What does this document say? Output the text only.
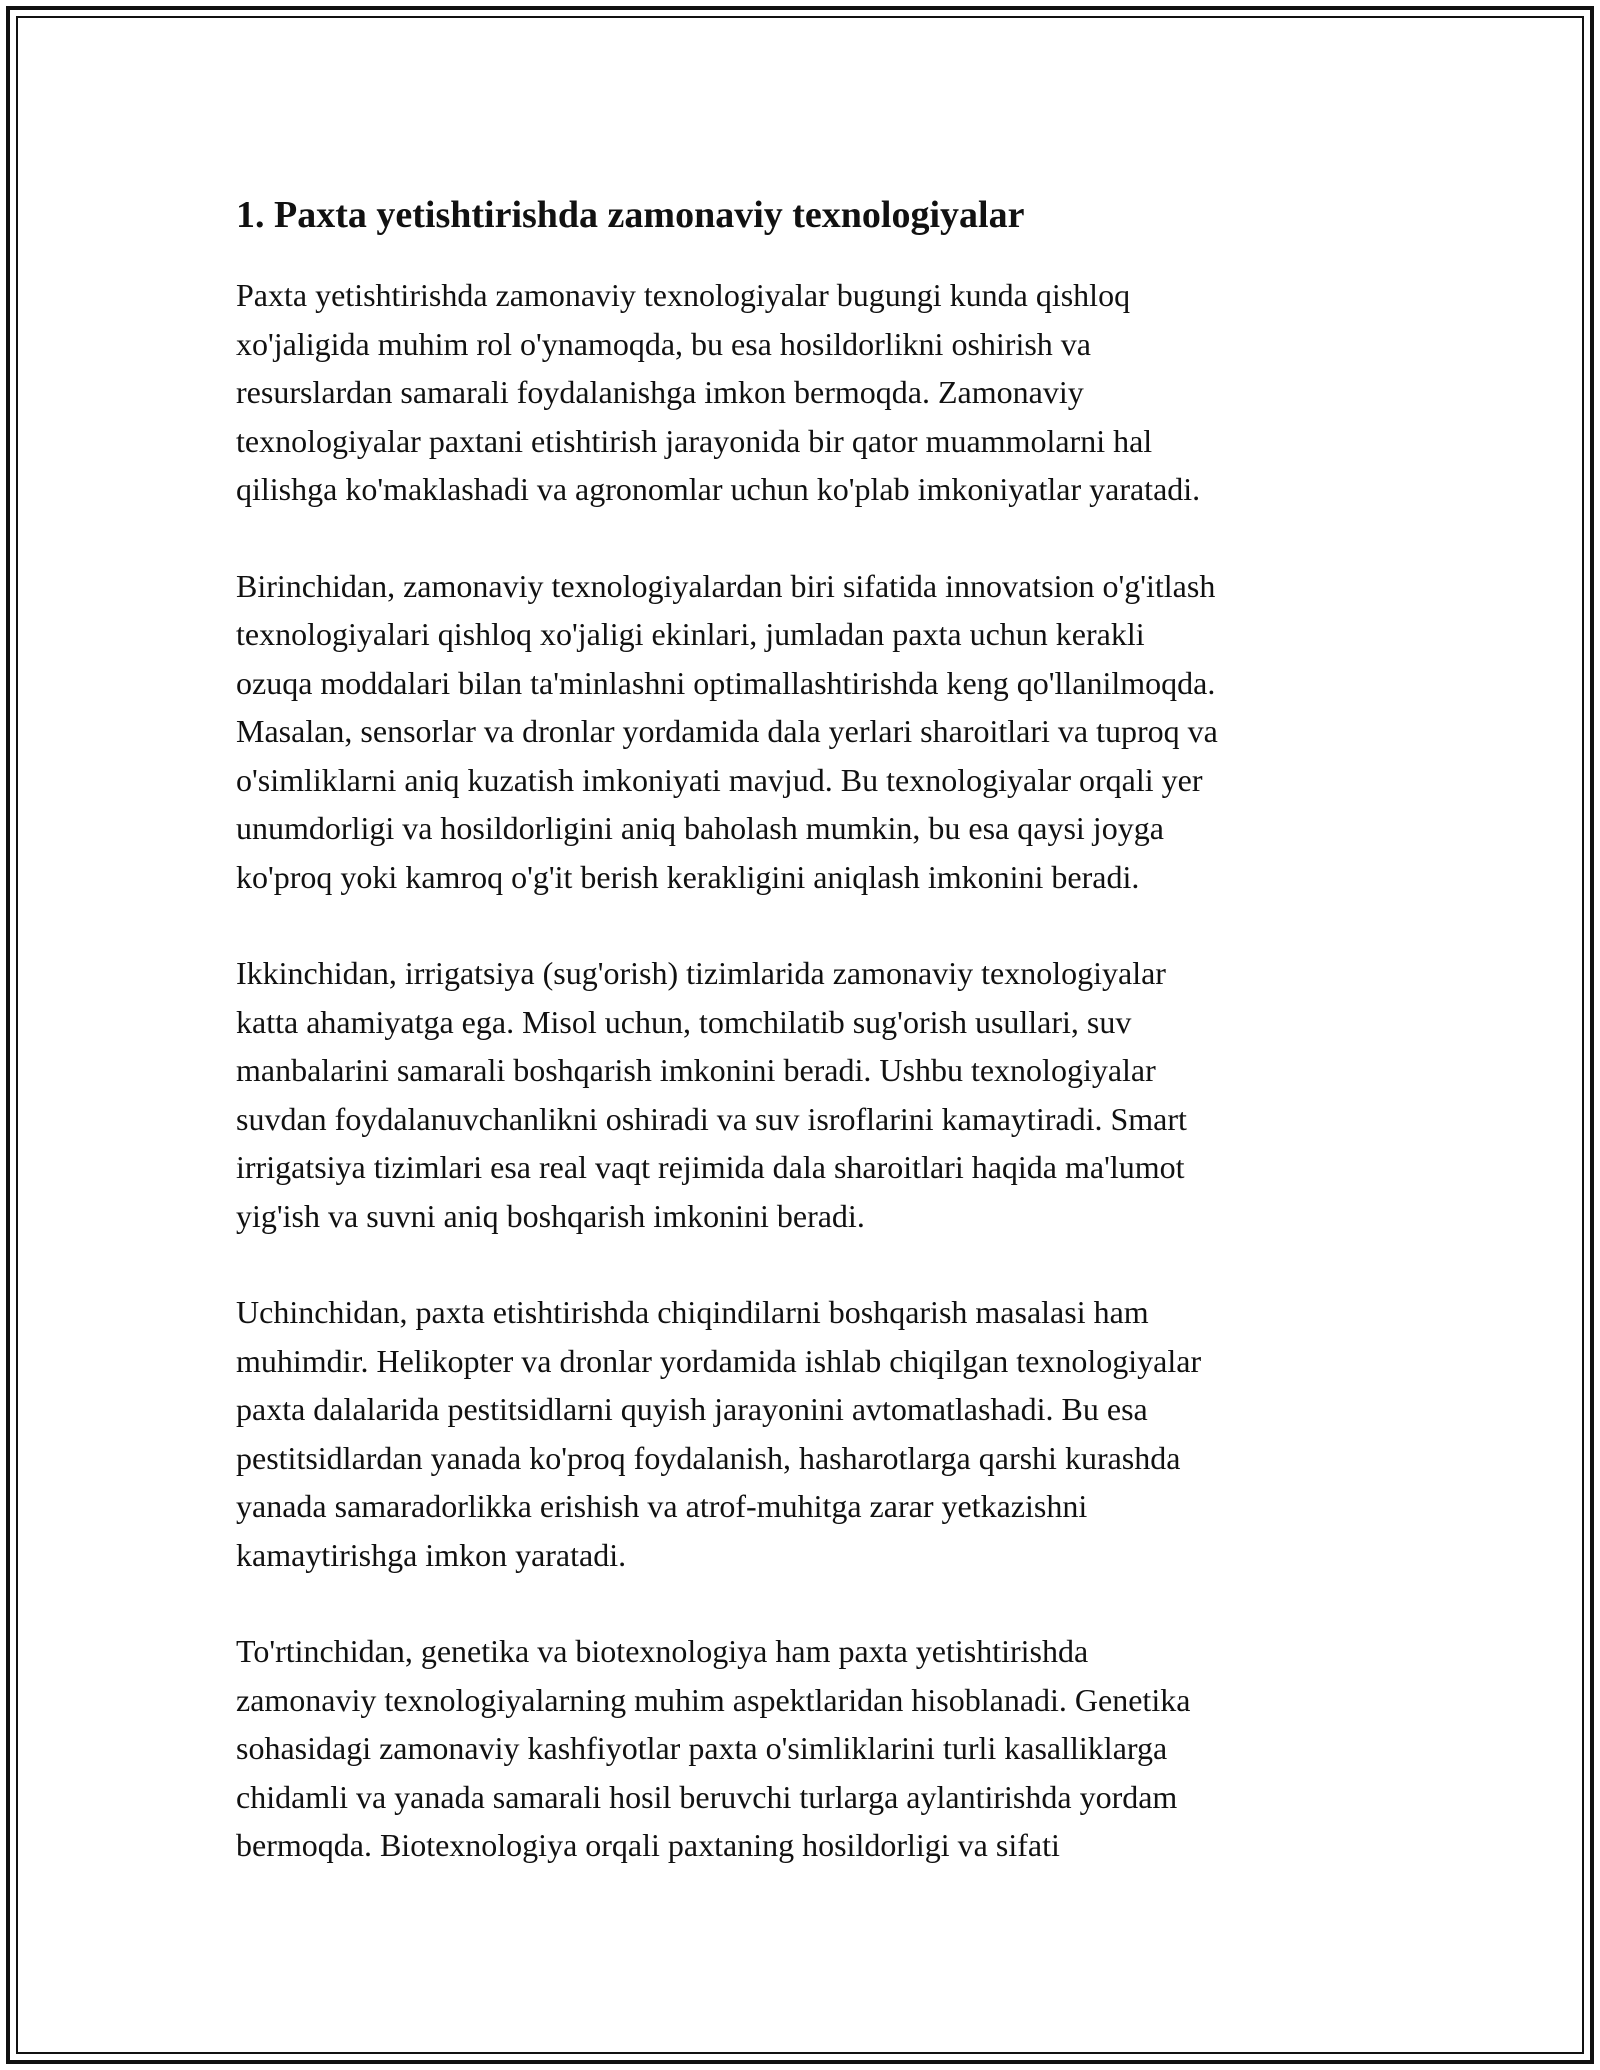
1. Paxta yetishtirishda zamonaviy texnologiyalar

Paxta yetishtirishda zamonaviy texnologiyalar bugungi kunda qishloq
xo'jaligida muhim rol o'ynamoqda, bu esa hosildorlikni oshirish va
resurslardan samarali foydalanishga imkon bermoqda. Zamonaviy
texnologiyalar paxtani etishtirish jarayonida bir qator muammolarni hal
qilishga ko'maklashadi va agronomlar uchun ko'plab imkoniyatlar yaratadi.

Birinchidan, zamonaviy texnologiyalardan biri sifatida innovatsion o'g'itlash
texnologiyalari qishloq xo'jaligi ekinlari, jumladan paxta uchun kerakli
ozuqa moddalari bilan ta'minlashni optimallashtirishda keng qo'llanilmoqda.
Masalan, sensorlar va dronlar yordamida dala yerlari sharoitlari va tuproq va
o'simliklarni aniq kuzatish imkoniyati mavjud. Bu texnologiyalar orqali yer
unumdorligi va hosildorligini aniq baholash mumkin, bu esa qaysi joyga
ko'proq yoki kamroq o'g'it berish kerakligini aniqlash imkonini beradi.

Ikkinchidan, irrigatsiya (sug'orish) tizimlarida zamonaviy texnologiyalar
katta ahamiyatga ega. Misol uchun, tomchilatib sug'orish usullari, suv
manbalarini samarali boshqarish imkonini beradi. Ushbu texnologiyalar
suvdan foydalanuvchanlikni oshiradi va suv isroflarini kamaytiradi. Smart
irrigatsiya tizimlari esa real vaqt rejimida dala sharoitlari haqida ma'lumot
yig'ish va suvni aniq boshqarish imkonini beradi.

Uchinchidan, paxta etishtirishda chiqindilarni boshqarish masalasi ham
muhimdir. Helikopter va dronlar yordamida ishlab chiqilgan texnologiyalar
paxta dalalarida pestitsidlarni quyish jarayonini avtomatlashadi. Bu esa
pestitsidlardan yanada ko'proq foydalanish, hasharotlarga qarshi kurashda
yanada samaradorlikka erishish va atrof-muhitga zarar yetkazishni
kamaytirishga imkon yaratadi.

To'rtinchidan, genetika va biotexnologiya ham paxta yetishtirishda
zamonaviy texnologiyalarning muhim aspektlaridan hisoblanadi. Genetika
sohasidagi zamonaviy kashfiyotlar paxta o'simliklarini turli kasalliklarga
chidamli va yanada samarali hosil beruvchi turlarga aylantirishda yordam
bermoqda. Biotexnologiya orqali paxtaning hosildorligi va sifati
